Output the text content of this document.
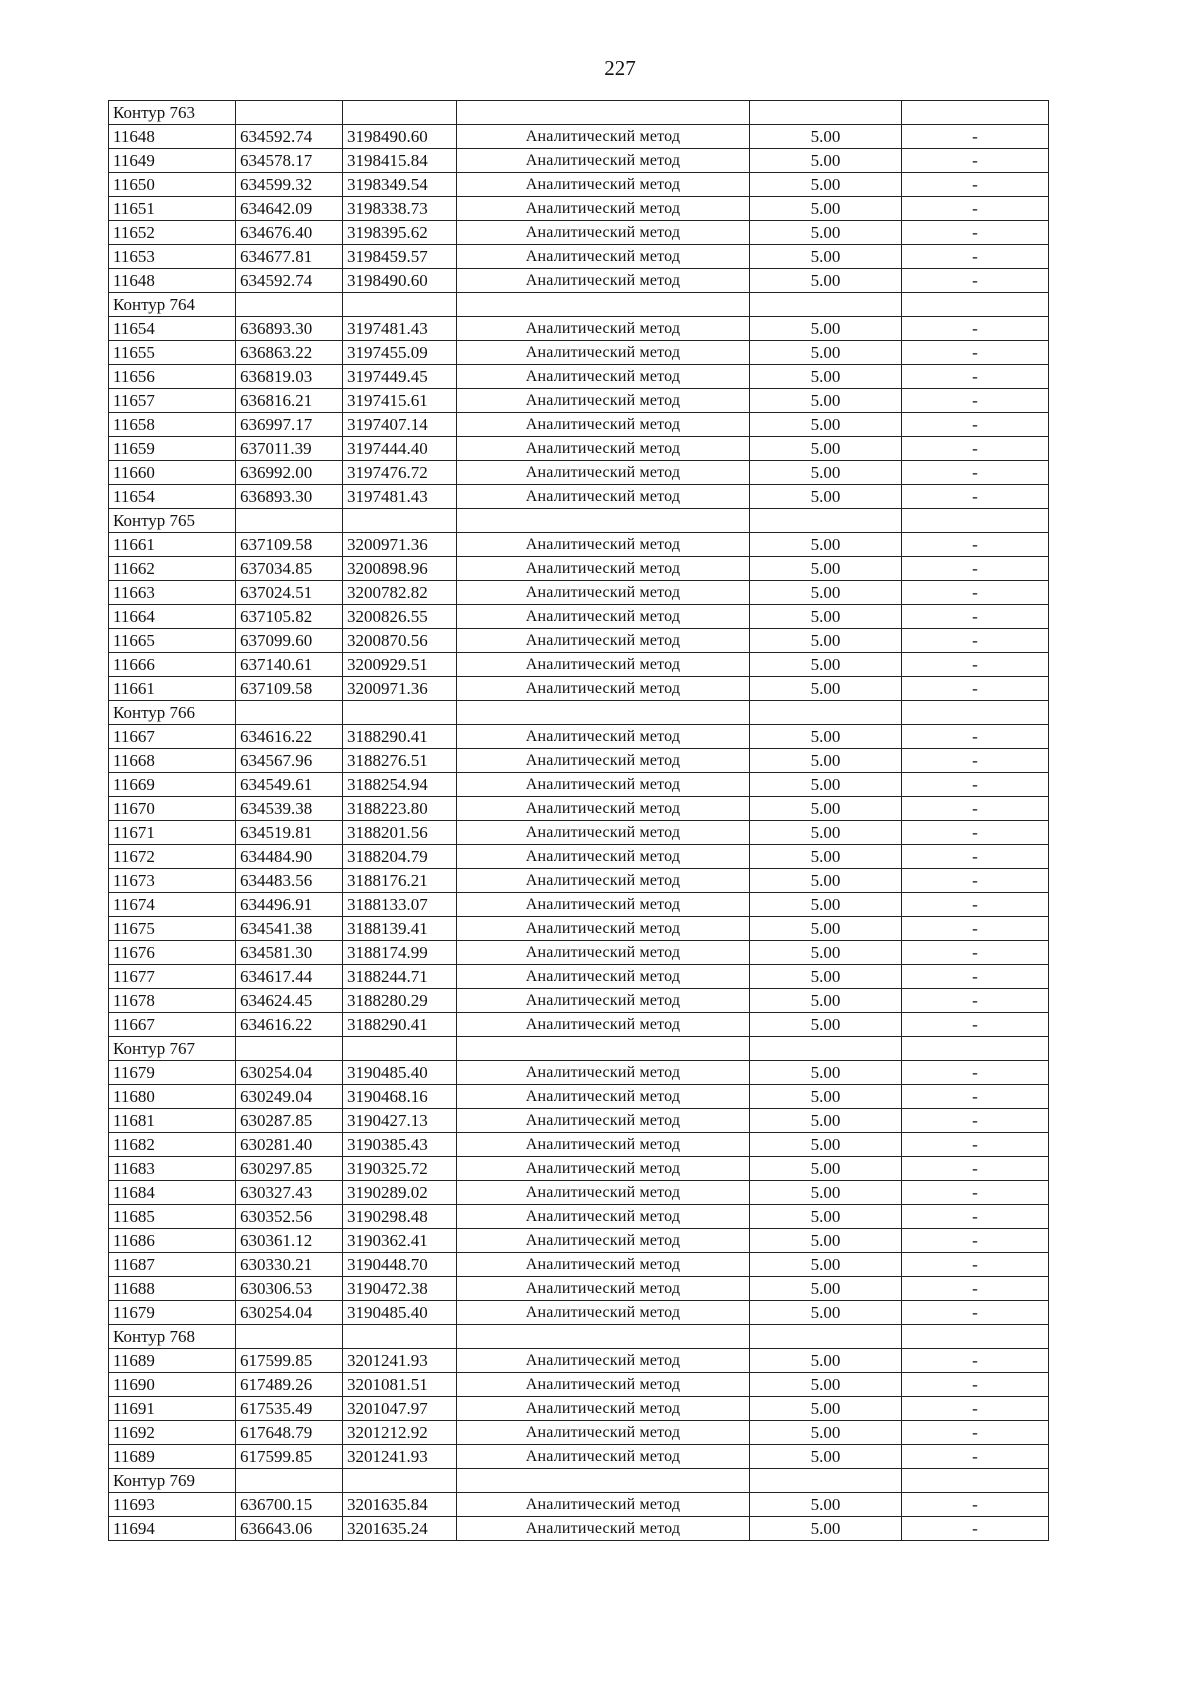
227
Контур 763					
11648	634592.74	3198490.60	Аналитический метод	5.00	-
11649	634578.17	3198415.84	Аналитический метод	5.00	-
11650	634599.32	3198349.54	Аналитический метод	5.00	-
11651	634642.09	3198338.73	Аналитический метод	5.00	-
11652	634676.40	3198395.62	Аналитический метод	5.00	-
11653	634677.81	3198459.57	Аналитический метод	5.00	-
11648	634592.74	3198490.60	Аналитический метод	5.00	-
Контур 764					
11654	636893.30	3197481.43	Аналитический метод	5.00	-
11655	636863.22	3197455.09	Аналитический метод	5.00	-
11656	636819.03	3197449.45	Аналитический метод	5.00	-
11657	636816.21	3197415.61	Аналитический метод	5.00	-
11658	636997.17	3197407.14	Аналитический метод	5.00	-
11659	637011.39	3197444.40	Аналитический метод	5.00	-
11660	636992.00	3197476.72	Аналитический метод	5.00	-
11654	636893.30	3197481.43	Аналитический метод	5.00	-
Контур 765					
11661	637109.58	3200971.36	Аналитический метод	5.00	-
11662	637034.85	3200898.96	Аналитический метод	5.00	-
11663	637024.51	3200782.82	Аналитический метод	5.00	-
11664	637105.82	3200826.55	Аналитический метод	5.00	-
11665	637099.60	3200870.56	Аналитический метод	5.00	-
11666	637140.61	3200929.51	Аналитический метод	5.00	-
11661	637109.58	3200971.36	Аналитический метод	5.00	-
Контур 766					
11667	634616.22	3188290.41	Аналитический метод	5.00	-
11668	634567.96	3188276.51	Аналитический метод	5.00	-
11669	634549.61	3188254.94	Аналитический метод	5.00	-
11670	634539.38	3188223.80	Аналитический метод	5.00	-
11671	634519.81	3188201.56	Аналитический метод	5.00	-
11672	634484.90	3188204.79	Аналитический метод	5.00	-
11673	634483.56	3188176.21	Аналитический метод	5.00	-
11674	634496.91	3188133.07	Аналитический метод	5.00	-
11675	634541.38	3188139.41	Аналитический метод	5.00	-
11676	634581.30	3188174.99	Аналитический метод	5.00	-
11677	634617.44	3188244.71	Аналитический метод	5.00	-
11678	634624.45	3188280.29	Аналитический метод	5.00	-
11667	634616.22	3188290.41	Аналитический метод	5.00	-
Контур 767					
11679	630254.04	3190485.40	Аналитический метод	5.00	-
11680	630249.04	3190468.16	Аналитический метод	5.00	-
11681	630287.85	3190427.13	Аналитический метод	5.00	-
11682	630281.40	3190385.43	Аналитический метод	5.00	-
11683	630297.85	3190325.72	Аналитический метод	5.00	-
11684	630327.43	3190289.02	Аналитический метод	5.00	-
11685	630352.56	3190298.48	Аналитический метод	5.00	-
11686	630361.12	3190362.41	Аналитический метод	5.00	-
11687	630330.21	3190448.70	Аналитический метод	5.00	-
11688	630306.53	3190472.38	Аналитический метод	5.00	-
11679	630254.04	3190485.40	Аналитический метод	5.00	-
Контур 768					
11689	617599.85	3201241.93	Аналитический метод	5.00	-
11690	617489.26	3201081.51	Аналитический метод	5.00	-
11691	617535.49	3201047.97	Аналитический метод	5.00	-
11692	617648.79	3201212.92	Аналитический метод	5.00	-
11689	617599.85	3201241.93	Аналитический метод	5.00	-
Контур 769					
11693	636700.15	3201635.84	Аналитический метод	5.00	-
11694	636643.06	3201635.24	Аналитический метод	5.00	-
